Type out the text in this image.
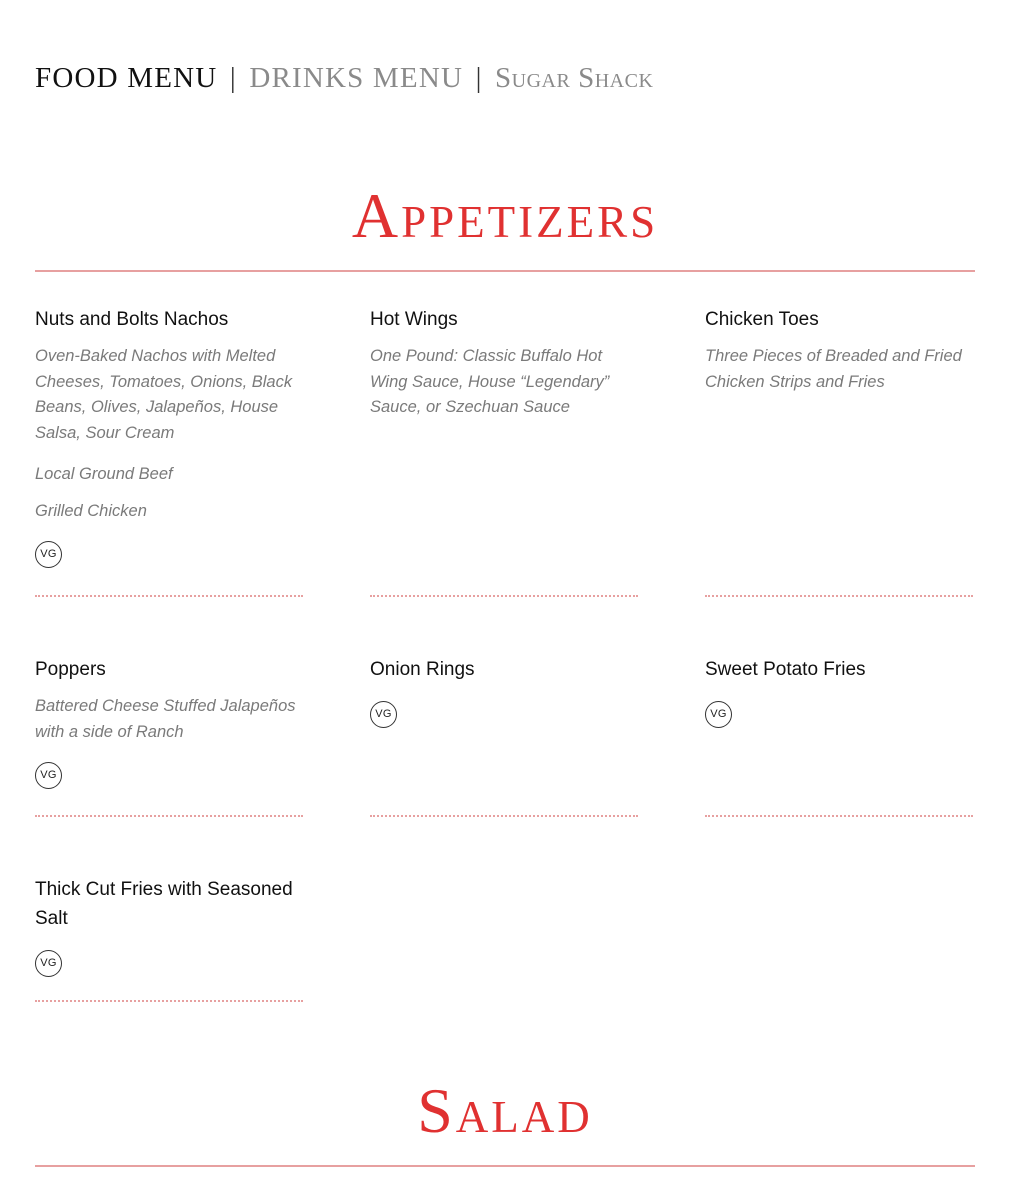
FOOD MENU | DRINKS MENU | Sugar Shack
Appetizers
Nuts and Bolts Nachos
Oven-Baked Nachos with Melted Cheeses, Tomatoes, Onions, Black Beans, Olives, Jalapeños, House Salsa, Sour Cream
Local Ground Beef
Grilled Chicken
VG
Hot Wings
One Pound: Classic Buffalo Hot Wing Sauce, House “Legendary” Sauce, or Szechuan Sauce
Chicken Toes
Three Pieces of Breaded and Fried Chicken Strips and Fries
Poppers
Battered Cheese Stuffed Jalapeños with a side of Ranch
VG
Onion Rings
VG
Sweet Potato Fries
VG
Thick Cut Fries with Seasoned Salt
VG
Salad
